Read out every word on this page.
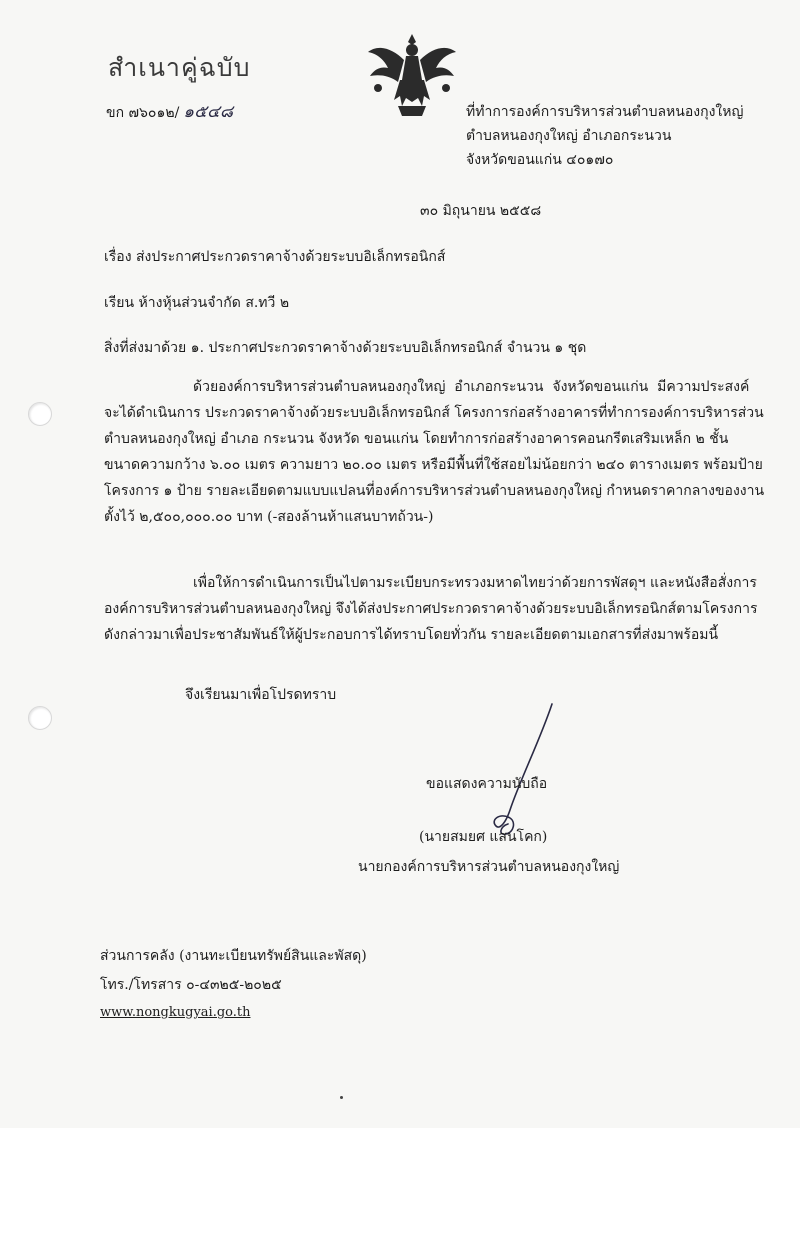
สำเนาคู่ฉบับ
ขก ๗๖๐๑๒/ ๑๕๔๘	ที่ทำการองค์การบริหารส่วนตำบลหนองกุงใหญ่
ตำบลหนองกุงใหญ่ อำเภอกระนวน
จังหวัดขอนแก่น ๔๐๑๗๐
๓๐ มิถุนายน ๒๕๕๘
เรื่อง ส่งประกาศประกวดราคาจ้างด้วยระบบอิเล็กทรอนิกส์
เรียน ห้างหุ้นส่วนจำกัด ส.ทวี ๒
สิ่งที่ส่งมาด้วย ๑. ประกาศประกวดราคาจ้างด้วยระบบอิเล็กทรอนิกส์ จำนวน ๑ ชุด
ด้วยองค์การบริหารส่วนตำบลหนองกุงใหญ่  อำเภอกระนวน  จังหวัดขอนแก่น  มีความประสงค์
จะได้ดำเนินการ ประกวดราคาจ้างด้วยระบบอิเล็กทรอนิกส์ โครงการก่อสร้างอาคารที่ทำการองค์การบริหารส่วน
ตำบลหนองกุงใหญ่ อำเภอ กระนวน จังหวัด ขอนแก่น โดยทำการก่อสร้างอาคารคอนกรีตเสริมเหล็ก ๒ ชั้น
ขนาดความกว้าง ๖.๐๐ เมตร ความยาว ๒๐.๐๐ เมตร หรือมีพื้นที่ใช้สอยไม่น้อยกว่า ๒๔๐ ตารางเมตร พร้อมป้าย
โครงการ ๑ ป้าย รายละเอียดตามแบบแปลนที่องค์การบริหารส่วนตำบลหนองกุงใหญ่ กำหนดราคากลางของงาน
ตั้งไว้ ๒,๕๐๐,๐๐๐.๐๐ บาท (-สองล้านห้าแสนบาทถ้วน-)
เพื่อให้การดำเนินการเป็นไปตามระเบียบกระทรวงมหาดไทยว่าด้วยการพัสดุฯ และหนังสือสั่งการ
องค์การบริหารส่วนตำบลหนองกุงใหญ่ จึงได้ส่งประกาศประกวดราคาจ้างด้วยระบบอิเล็กทรอนิกส์ตามโครงการ
ดังกล่าวมาเพื่อประชาสัมพันธ์ให้ผู้ประกอบการได้ทราบโดยทั่วกัน รายละเอียดตามเอกสารที่ส่งมาพร้อมนี้
จึงเรียนมาเพื่อโปรดทราบ
ขอแสดงความนับถือ
(นายสมยศ แสนโคก)
นายกองค์การบริหารส่วนตำบลหนองกุงใหญ่
ส่วนการคลัง (งานทะเบียนทรัพย์สินและพัสดุ)
โทร./โทรสาร ๐-๔๓๒๕-๒๐๒๕
www.nongkugyai.go.th
